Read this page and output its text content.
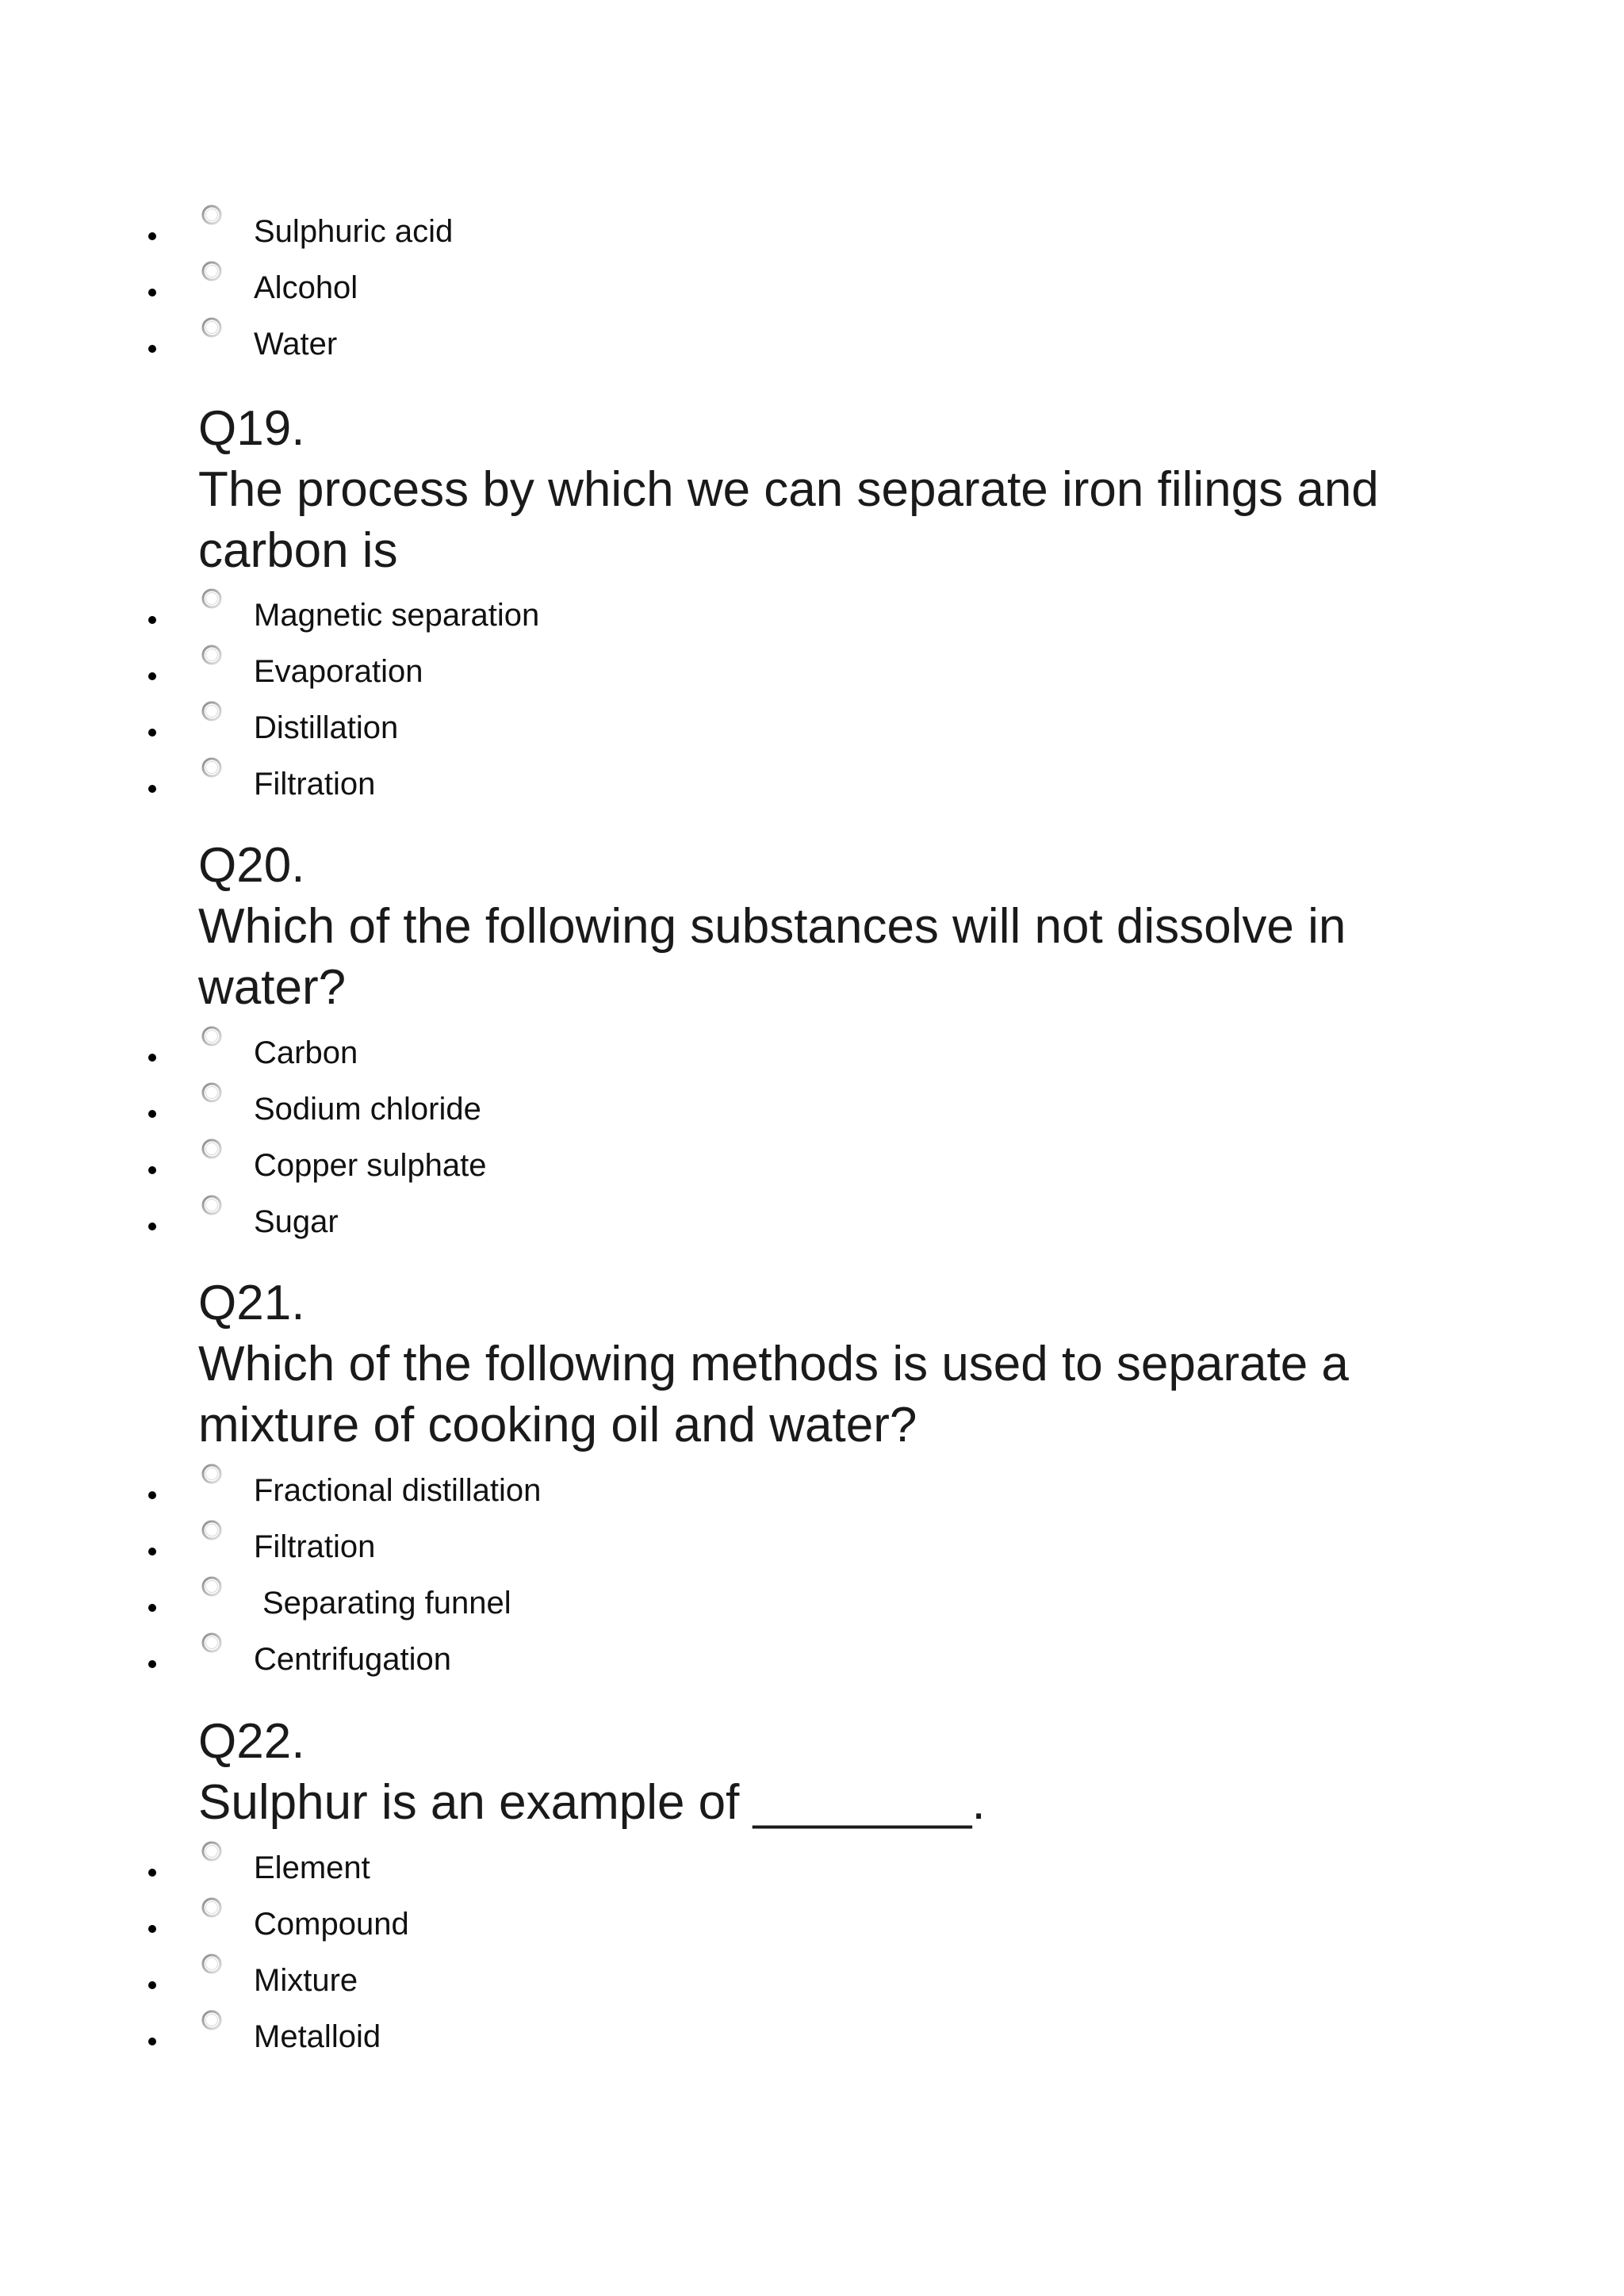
Sulphuric acid
Alcohol
Water
Q19.
The process by which we can separate iron filings and carbon is
Magnetic separation
Evaporation
Distillation
Filtration
Q20.
Which of the following substances will not dissolve in water?
Carbon
Sodium chloride
Copper sulphate
Sugar
Q21.
Which of the following methods is used to separate a mixture of cooking oil and water?
Fractional distillation
Filtration
Separating funnel
Centrifugation
Q22.
Sulphur is an example of ________.
Element
Compound
Mixture
Metalloid
